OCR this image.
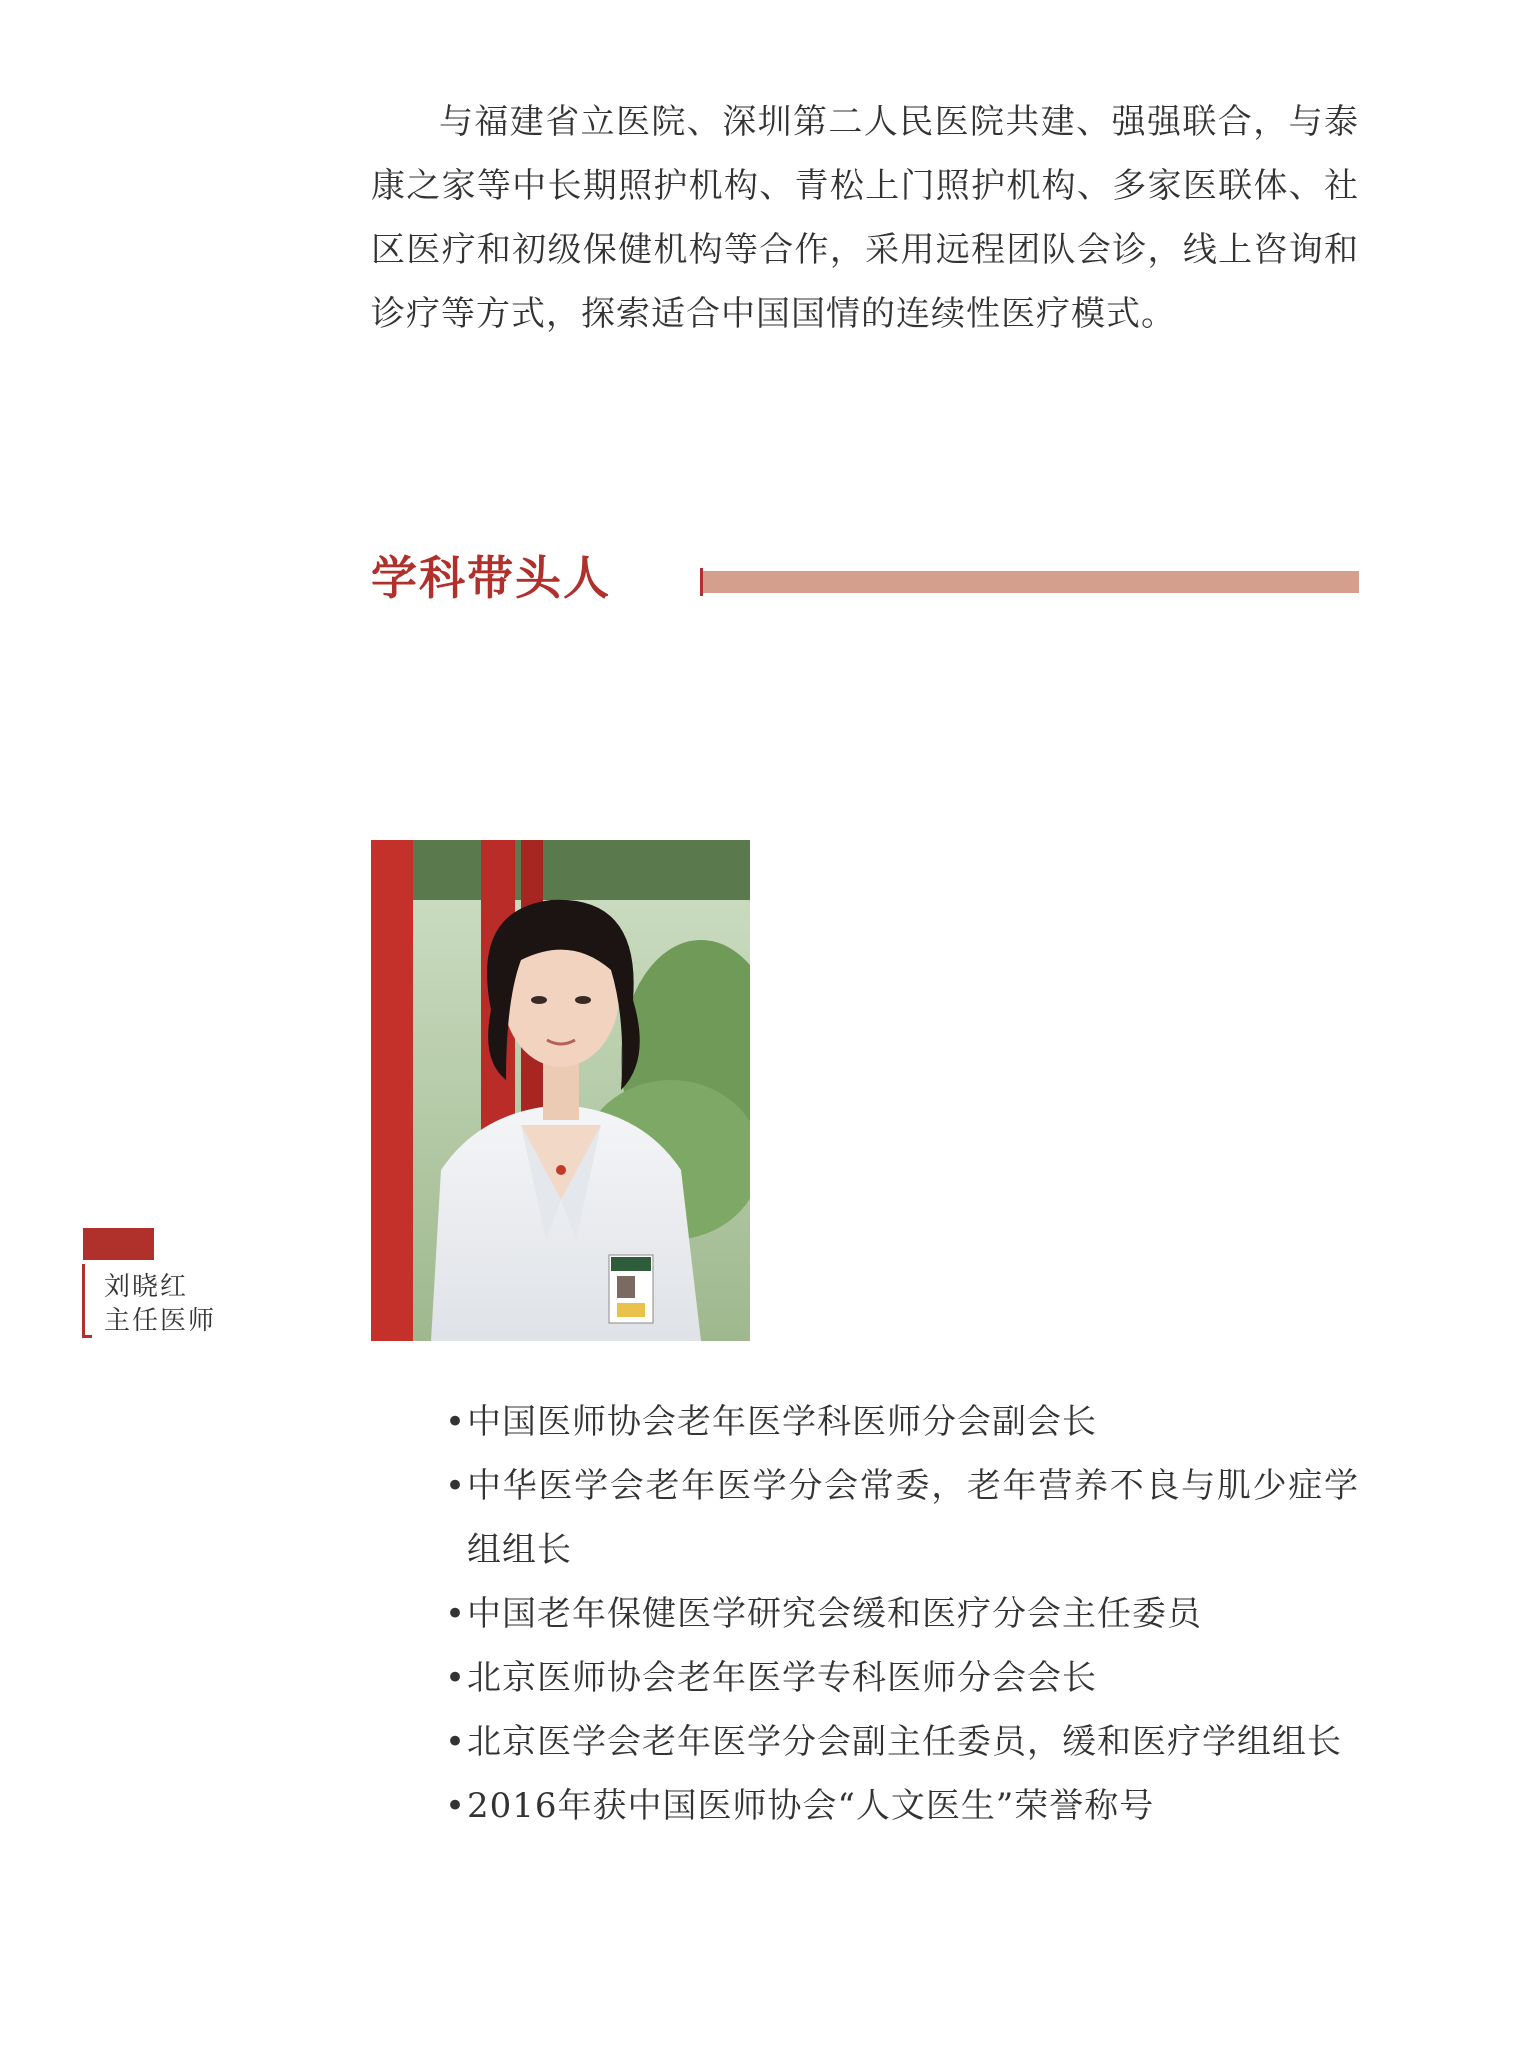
与福建省立医院、深圳第二人民医院共建、强强联合，与泰康之家等中长期照护机构、青松上门照护机构、多家医联体、社区医疗和初级保健机构等合作，采用远程团队会诊，线上咨询和诊疗等方式，探索适合中国国情的连续性医疗模式。

学科带头人
刘晓红
主任医师
• 中国医师协会老年医学科医师分会副会长
• 中华医学会老年医学分会常委，老年营养不良与肌少症学组组长
• 中国老年保健医学研究会缓和医疗分会主任委员
• 北京医师协会老年医学专科医师分会会长
• 北京医学会老年医学分会副主任委员，缓和医疗学组组长
• 2016年获中国医师协会“人文医生”荣誉称号
